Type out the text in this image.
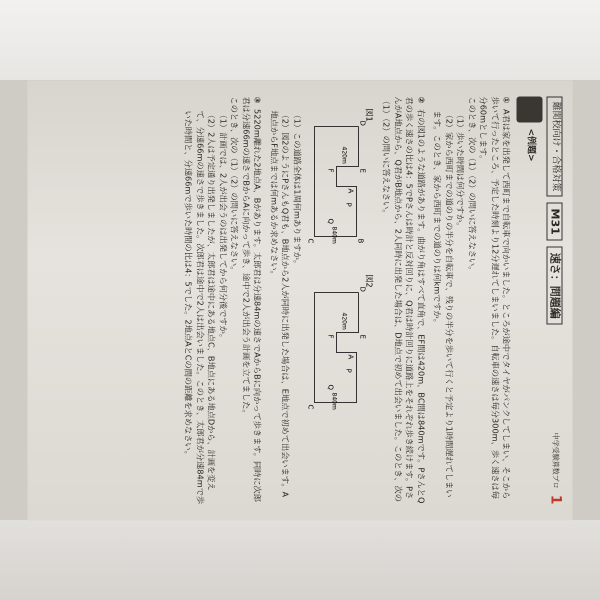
難関校向け・合格対策
M31
速さ：問題編
中学受験算数プロ
1
<例題>
① A君は家を出発して西町まで自転車で向かいました。ところが途中でタイヤがパンクしてしまい、そこから歩いて行ったところ、予定した時刻より12分遅れてしまいました。自転車の速さは毎分300m、歩く速さは毎分60mとします。
このとき、次の（1）（2）の問いに答えなさい。
（1）歩いた時間は何分ですか。
（2）家から西町までの道のりの半分を自転車で、残りの半分を歩いて行くと予定より1時間遅れてしまいます。このとき、家から西町までの道のりは何kmですか。
② 右の図1のような道路があります。曲がり角はすべて直角で、EF間は420m、BC間は840mです。PさんとQ君の歩く速さの比は4：5でPさんは時計と反対回りに、Q君は時計回りに道路上をそれぞれ歩き続けます。PさんがA地点から、Q君がB地点から、2人同時に出発した場合は、D地点で初めて出会いました。このとき、次の（1）（2）の問いに答えなさい。
図1
D
E
F
A
B
C
P
Q
420m
840m
図2
D
E
F
A
C
P
Q
420m
840m
（1）この道路全体は1周何mありますか。
（2）図2のようにPさんもQ君も、B地点から2人が同時に出発した場合は、E地点で初めて出会います。A地点からF地点までは何mあるか求めなさい。
③ 5220m離れた2地点A、Bがあります。太郎君は分速84mの速さでAからBに向かって歩きます。同時に次郎君は分速66mの速さでBからAに向かって歩き、途中で2人が出会う計画を立てました。
このとき、次の（1）（2）の問いに答えなさい。
（1）計画では、2人が出会うのは出発してから何分後ですか。
（2）2人は予定通り出発しましたが、太郎君は途中にある地点C、B地点にある地点Dから、計画を変えて、分速66mの速さで歩きました。次郎君は途中で2人は出会いました。このとき、太郎君が分速84mで歩いた時間と、分速66mで歩いた時間の比は4：5でした。2地点AとCの間の距離を求めなさい。
